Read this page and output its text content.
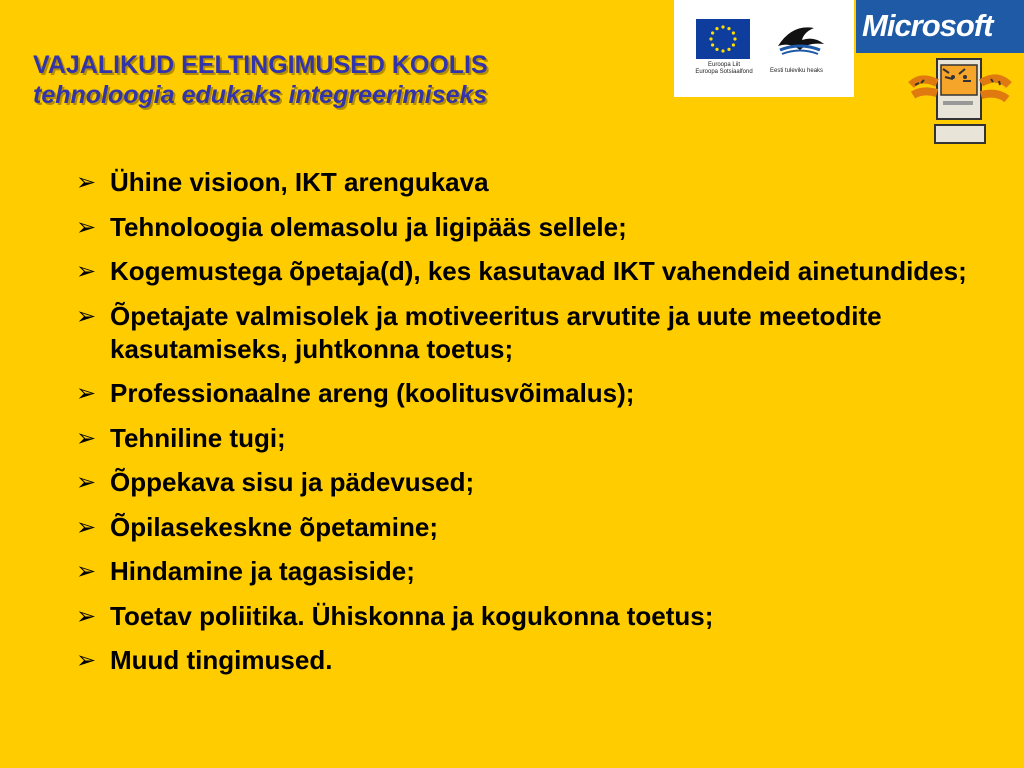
VAJALIKUD EELTINGIMUSED KOOLIS
tehnoloogia edukaks integreerimiseks
Euroopa Liit
Euroopa Sotsiaalfond	Eesti tuleviku heaks
Microsoft
➢ Ühine visioon, IKT arengukava
➢ Tehnoloogia olemasolu ja ligipääs sellele;
➢ Kogemustega õpetaja(d), kes kasutavad IKT vahendeid ainetundides;
➢ Õpetajate valmisolek ja motiveeritus arvutite ja uute meetodite kasutamiseks, juhtkonna toetus;
➢ Professionaalne areng (koolitusvõimalus);
➢ Tehniline tugi;
➢ Õppekava sisu ja pädevused;
➢ Õpilasekeskne õpetamine;
➢ Hindamine ja tagasiside;
➢ Toetav poliitika. Ühiskonna ja kogukonna toetus;
➢ Muud tingimused.
